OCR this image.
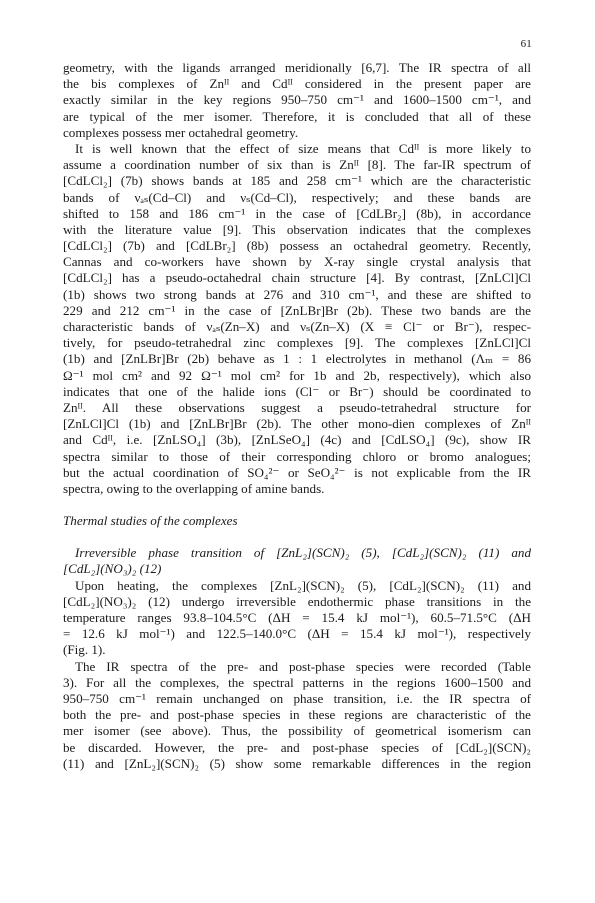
61
geometry, with the ligands arranged meridionally [6,7]. The IR spectra of all
the bis complexes of Znᴵᴵ and Cdᴵᴵ considered in the present paper are
exactly similar in the key regions 950–750 cm⁻¹ and 1600–1500 cm⁻¹, and
are typical of the mer isomer. Therefore, it is concluded that all of these
complexes possess mer octahedral geometry.
It is well known that the effect of size means that Cdᴵᴵ is more likely to
assume a coordination number of six than is Znᴵᴵ [8]. The far-IR spectrum of
[CdLCl₂] (7b) shows bands at 185 and 258 cm⁻¹ which are the characteristic
bands of νₐₛ(Cd–Cl) and νₛ(Cd–Cl), respectively; and these bands are
shifted to 158 and 186 cm⁻¹ in the case of [CdLBr₂] (8b), in accordance
with the literature value [9]. This observation indicates that the complexes
[CdLCl₂] (7b) and [CdLBr₂] (8b) possess an octahedral geometry. Recently,
Cannas and co-workers have shown by X-ray single crystal analysis that
[CdLCl₂] has a pseudo-octahedral chain structure [4]. By contrast, [ZnLCl]Cl
(1b) shows two strong bands at 276 and 310 cm⁻¹, and these are shifted to
229 and 212 cm⁻¹ in the case of [ZnLBr]Br (2b). These two bands are the
characteristic bands of νₐₛ(Zn–X) and νₛ(Zn–X) (X ≡ Cl⁻ or Br⁻), respec-
tively, for pseudo-tetrahedral zinc complexes [9]. The complexes [ZnLCl]Cl
(1b) and [ZnLBr]Br (2b) behave as 1 : 1 electrolytes in methanol (Λₘ = 86
Ω⁻¹ mol cm² and 92 Ω⁻¹ mol cm² for 1b and 2b, respectively), which also
indicates that one of the halide ions (Cl⁻ or Br⁻) should be coordinated to
Znᴵᴵ. All these observations suggest a pseudo-tetrahedral structure for
[ZnLCl]Cl (1b) and [ZnLBr]Br (2b). The other mono-dien complexes of Znᴵᴵ
and Cdᴵᴵ, i.e. [ZnLSO₄] (3b), [ZnLSeO₄] (4c) and [CdLSO₄] (9c), show IR
spectra similar to those of their corresponding chloro or bromo analogues;
but the actual coordination of SO₄²⁻ or SeO₄²⁻ is not explicable from the IR
spectra, owing to the overlapping of amine bands.
Thermal studies of the complexes
Irreversible phase transition of [ZnL₂](SCN)₂ (5), [CdL₂](SCN)₂ (11) and
[CdL₂](NO₃)₂ (12)
Upon heating, the complexes [ZnL₂](SCN)₂ (5), [CdL₂](SCN)₂ (11) and
[CdL₂](NO₃)₂ (12) undergo irreversible endothermic phase transitions in the
temperature ranges 93.8–104.5°C (ΔH = 15.4 kJ mol⁻¹), 60.5–71.5°C (ΔH
= 12.6 kJ mol⁻¹) and 122.5–140.0°C (ΔH = 15.4 kJ mol⁻¹), respectively
(Fig. 1).
The IR spectra of the pre- and post-phase species were recorded (Table
3). For all the complexes, the spectral patterns in the regions 1600–1500 and
950–750 cm⁻¹ remain unchanged on phase transition, i.e. the IR spectra of
both the pre- and post-phase species in these regions are characteristic of the
mer isomer (see above). Thus, the possibility of geometrical isomerism can
be discarded. However, the pre- and post-phase species of [CdL₂](SCN)₂
(11) and [ZnL₂](SCN)₂ (5) show some remarkable differences in the region
